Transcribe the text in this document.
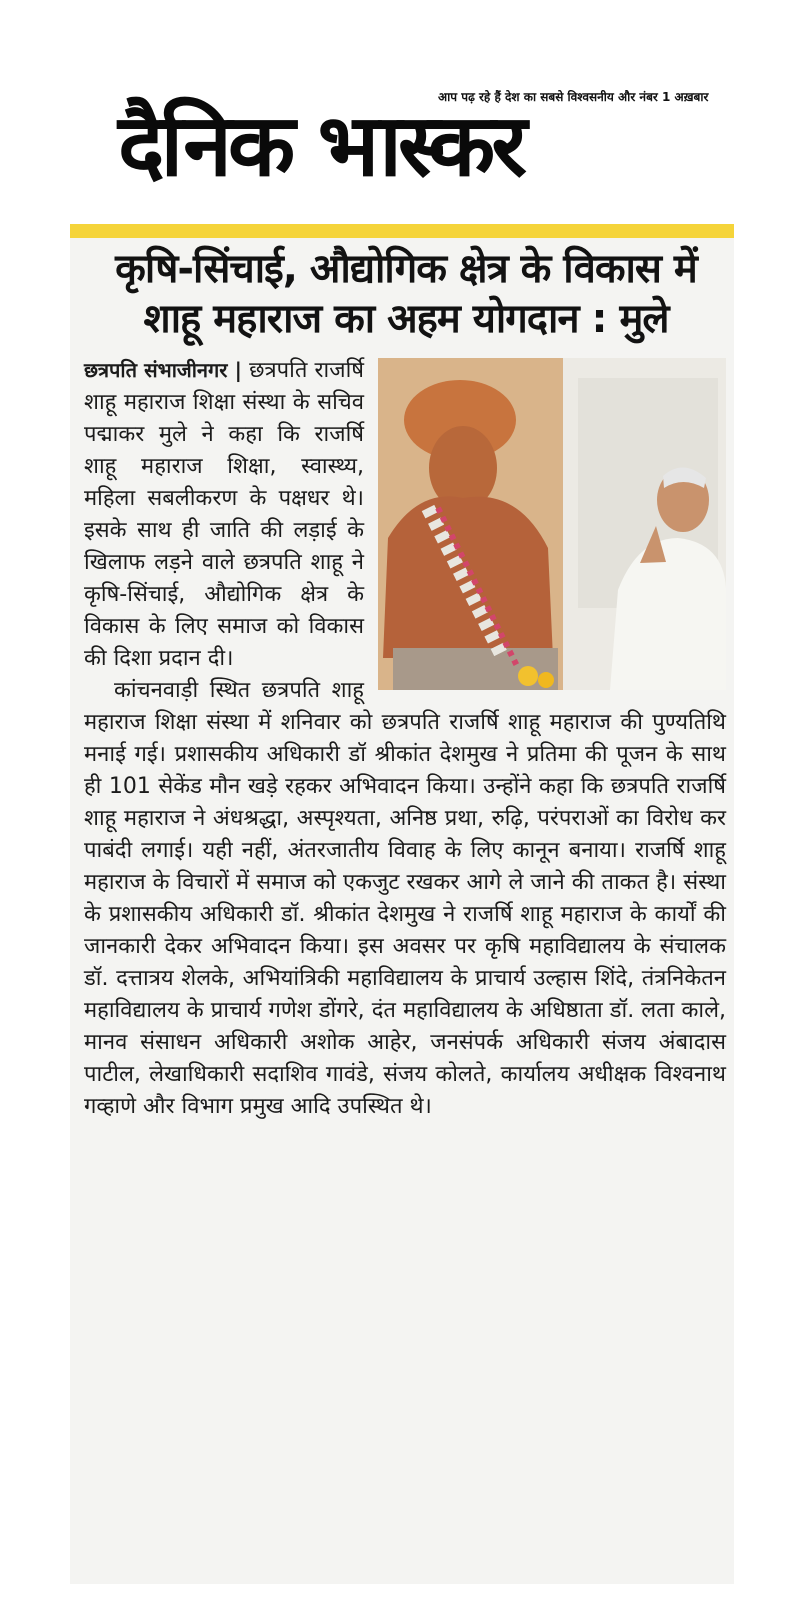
आप पढ़ रहे हैं देश का सबसे विश्वसनीय और नंबर 1 अख़बार
दैनिक भास्कर
कृषि-सिंचाई, औद्योगिक क्षेत्र के विकास में शाहू महाराज का अहम योगदान : मुले
छत्रपति संभाजीनगर | छत्रपति राजर्षि शाहू महाराज शिक्षा संस्था के सचिव पद्माकर मुले ने कहा कि राजर्षि शाहू महाराज शिक्षा, स्वास्थ्य, महिला सबलीकरण के पक्षधर थे। इसके साथ ही जाति की लड़ाई के खिलाफ लड़ने वाले छत्रपति शाहू ने कृषि-सिंचाई, औद्योगिक क्षेत्र के विकास के लिए समाज को विकास की दिशा प्रदान दी।
कांचनवाड़ी स्थित छत्रपति शाहू महाराज शिक्षा संस्था में शनिवार को छत्रपति राजर्षि शाहू महाराज की पुण्यतिथि मनाई गई। प्रशासकीय अधिकारी डॉ श्रीकांत देशमुख ने प्रतिमा की पूजन के साथ ही 101 सेकेंड मौन खड़े रहकर अभिवादन किया। उन्होंने कहा कि छत्रपति राजर्षि शाहू महाराज ने अंधश्रद्धा, अस्पृश्यता, अनिष्ठ प्रथा, रुढ़ि, परंपराओं का विरोध कर पाबंदी लगाई। यही नहीं, अंतरजातीय विवाह के लिए कानून बनाया। राजर्षि शाहू महाराज के विचारों में समाज को एकजुट रखकर आगे ले जाने की ताकत है। संस्था के प्रशासकीय अधिकारी डॉ. श्रीकांत देशमुख ने राजर्षि शाहू महाराज के कार्यों की जानकारी देकर अभिवादन किया। इस अवसर पर कृषि महाविद्यालय के संचालक डॉ. दत्तात्रय शेलके, अभियांत्रिकी महाविद्यालय के प्राचार्य उल्हास शिंदे, तंत्रनिकेतन महाविद्यालय के प्राचार्य गणेश डोंगरे, दंत महाविद्यालय के अधिष्ठाता डॉ. लता काले, मानव संसाधन अधिकारी अशोक आहेर, जनसंपर्क अधिकारी संजय अंबादास पाटील, लेखाधिकारी सदाशिव गावंडे, संजय कोलते, कार्यालय अधीक्षक विश्वनाथ गव्हाणे और विभाग प्रमुख आदि उपस्थित थे।
